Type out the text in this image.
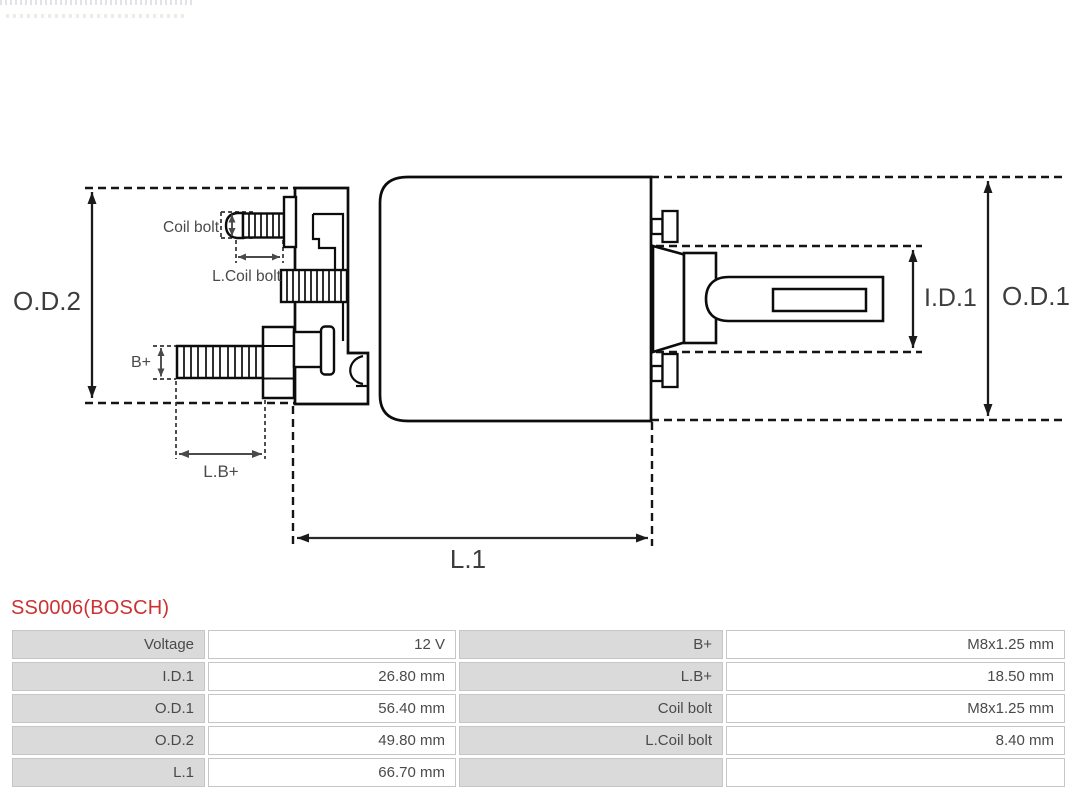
O.D.2
Coil bolt
L.Coil bolt
B+
L.B+
L.1
I.D.1 O.D.1
SS0006(BOSCH)
Voltage	12 V	B+	M8x1.25 mm
I.D.1	26.80 mm	L.B+	18.50 mm
O.D.1	56.40 mm	Coil bolt	M8x1.25 mm
O.D.2	49.80 mm	L.Coil bolt	8.40 mm
L.1	66.70 mm		
